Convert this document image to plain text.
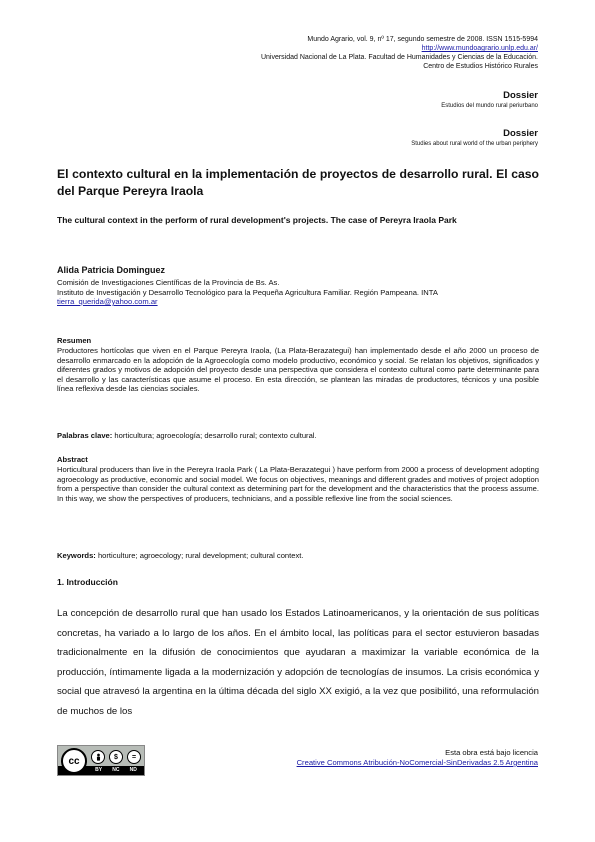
Mundo Agrario, vol. 9, nº 17, segundo semestre de 2008. ISSN 1515-5994
http://www.mundoagrario.unlp.edu.ar/
Universidad Nacional de La Plata. Facultad de Humanidades y Ciencias de la Educación.
Centro de Estudios Histórico Rurales
Dossier
Estudios del mundo rural periurbano
Dossier
Studies about rural world of the urban periphery
El contexto cultural en la implementación de proyectos de desarrollo rural. El caso del Parque Pereyra Iraola
The cultural context in the perform of rural development's projects. The case of Pereyra Iraola Park
Alida Patricia Dominguez
Comisión de Investigaciones Científicas de la Provincia de Bs. As.
Instituto de Investigación y Desarrollo Tecnológico para la Pequeña Agricultura Familiar. Región Pampeana. INTA
tierra_querida@yahoo.com.ar
Resumen
Productores hortícolas que viven en el Parque Pereyra Iraola, (La Plata-Berazategui) han implementado desde el año 2000 un proceso de desarrollo enmarcado en la adopción de la Agroecología como modelo productivo, económico y social. Se relatan los objetivos, significados y diferentes grados y motivos de adopción del proyecto desde una perspectiva que considera el contexto cultural como parte determinante para el desarrollo y las características que asume el proceso. En esta dirección, se plantean las miradas de productores, técnicos y una posible línea reflexiva desde las ciencias sociales.
Palabras clave: horticultura; agroecología; desarrollo rural; contexto cultural.
Abstract
Horticultural producers than live in the Pereyra Iraola Park ( La Plata-Berazategui ) have perform from 2000 a process of development adopting agroecology as productive, economic and social model. We focus on objectives, meanings and different grades and motives of project adoption from a perspective than consider the cultural context as determining part for the development and the characteristics that the process assume. In this way, we show the perspectives of producers, technicians, and a possible reflexive line from the social sciences.
Keywords: horticulture; agroecology; rural development; cultural context.
1. Introducción
La concepción de desarrollo rural que han usado los Estados Latinoamericanos, y la orientación de sus políticas concretas, ha variado a lo largo de los años. En el ámbito local, las políticas para el sector estuvieron basadas tradicionalmente en la difusión de conocimientos que ayudaran a maximizar la variable económica de la producción, íntimamente ligada a la modernización y adopción de tecnologías de insumos. La crisis económica y social que atravesó la argentina en la última década del siglo XX exigió, a la vez que posibilitó, una reformulación de muchos de los
cc	$	=
BY NC ND
Esta obra está bajo licencia
Creative Commons Atribución-NoComercial-SinDerivadas 2.5 Argentina
